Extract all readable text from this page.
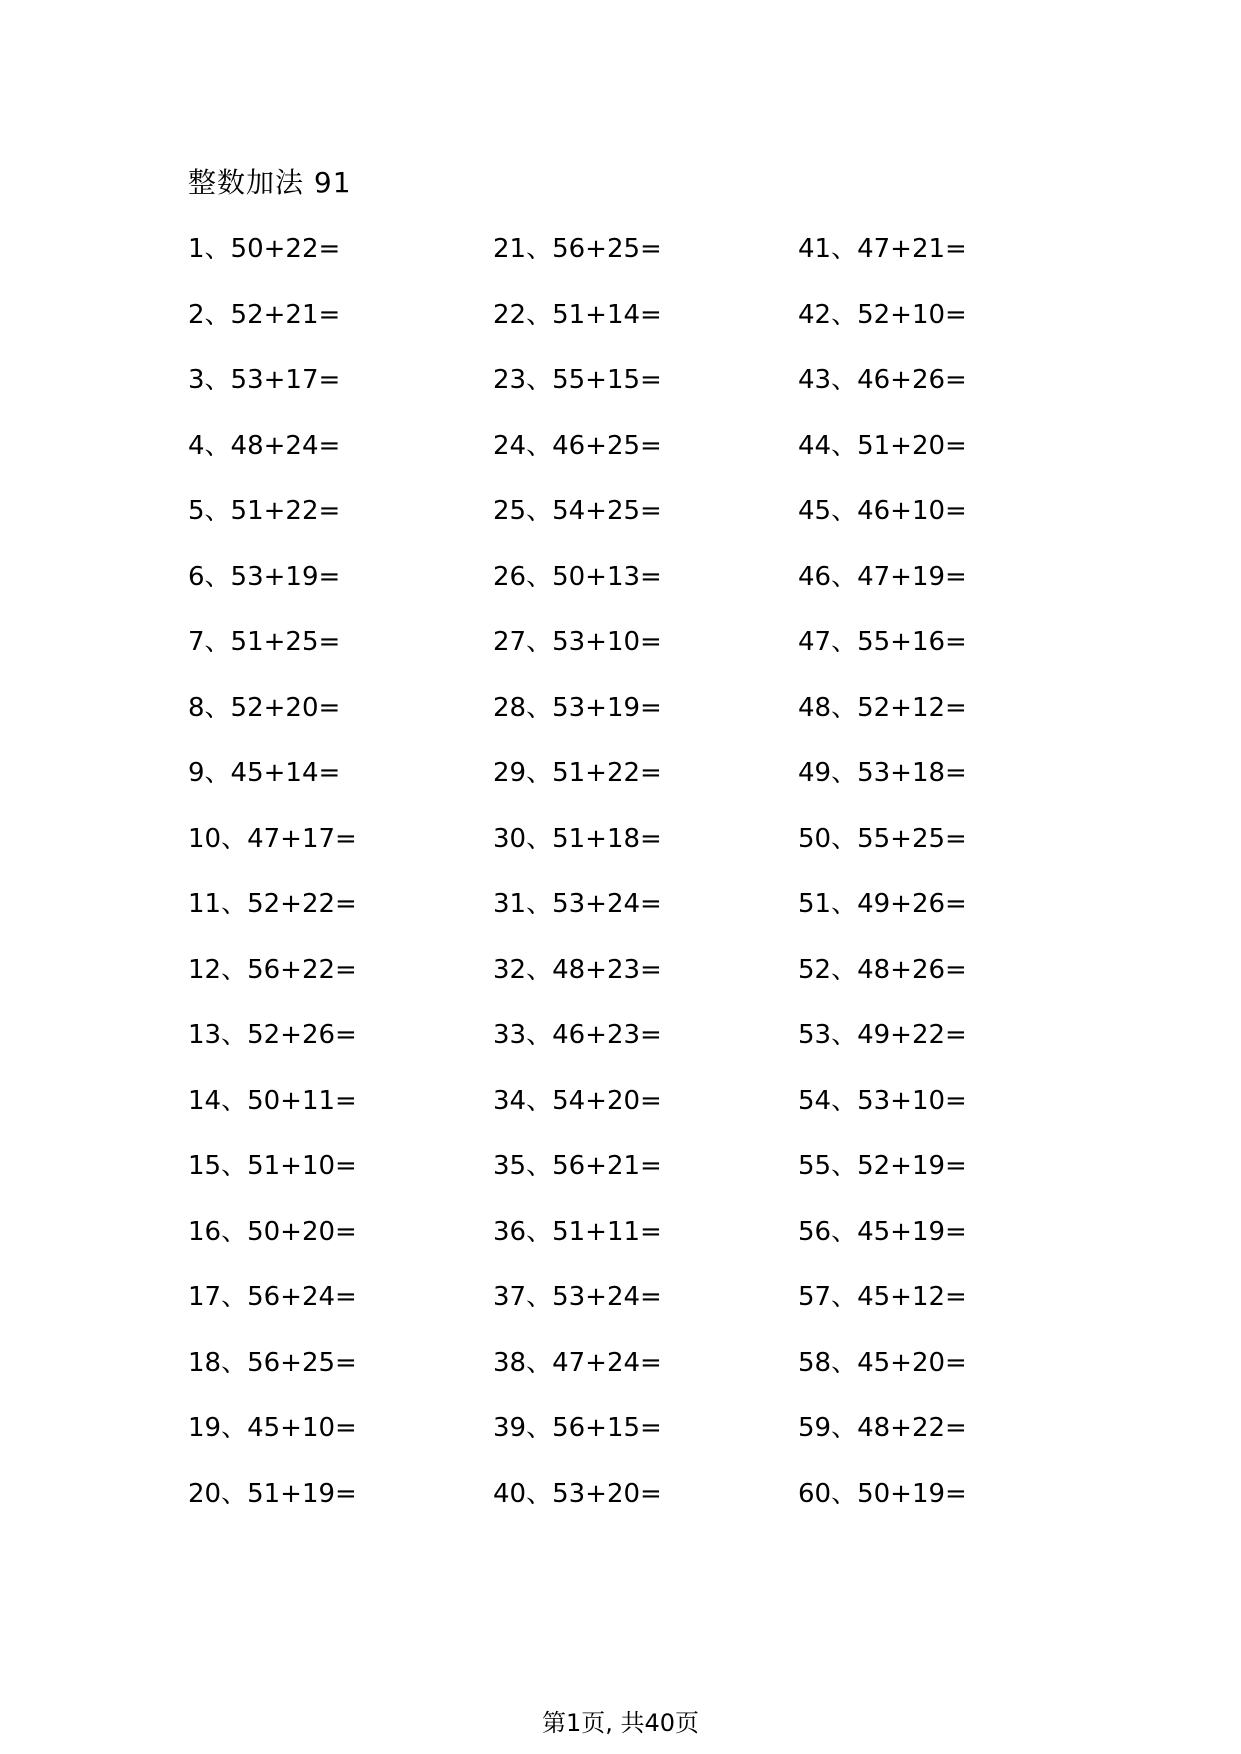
整数加法 91
1、50+22=
2、52+21=
3、53+17=
4、48+24=
5、51+22=
6、53+19=
7、51+25=
8、52+20=
9、45+14=
10、47+17=
11、52+22=
12、56+22=
13、52+26=
14、50+11=
15、51+10=
16、50+20=
17、56+24=
18、56+25=
19、45+10=
20、51+19=
21、56+25=
22、51+14=
23、55+15=
24、46+25=
25、54+25=
26、50+13=
27、53+10=
28、53+19=
29、51+22=
30、51+18=
31、53+24=
32、48+23=
33、46+23=
34、54+20=
35、56+21=
36、51+11=
37、53+24=
38、47+24=
39、56+15=
40、53+20=
41、47+21=
42、52+10=
43、46+26=
44、51+20=
45、46+10=
46、47+19=
47、55+16=
48、52+12=
49、53+18=
50、55+25=
51、49+26=
52、48+26=
53、49+22=
54、53+10=
55、52+19=
56、45+19=
57、45+12=
58、45+20=
59、48+22=
60、50+19=
第1页, 共40页
